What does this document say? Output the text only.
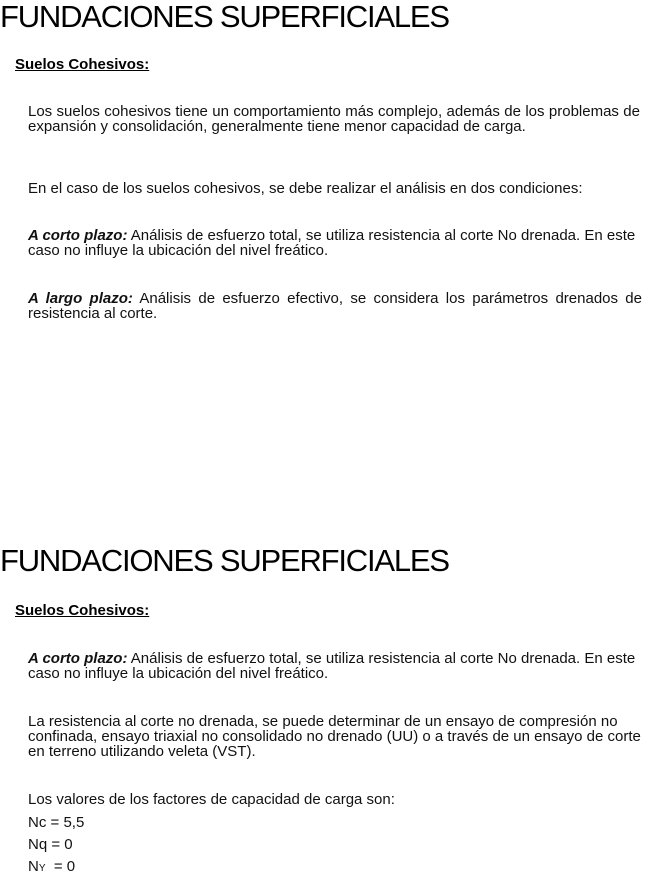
FUNDACIONES SUPERFICIALES
Suelos Cohesivos:
Los suelos cohesivos tiene un comportamiento más complejo, además de los problemas de expansión y consolidación, generalmente tiene menor capacidad de carga.
En el caso de los suelos cohesivos, se debe realizar el análisis en dos condiciones:
A corto plazo: Análisis de esfuerzo total, se utiliza resistencia al corte No drenada. En este caso no influye la ubicación del nivel freático.
A largo plazo: Análisis de esfuerzo efectivo, se considera los parámetros drenados de resistencia al corte.
FUNDACIONES SUPERFICIALES
Suelos Cohesivos:
A corto plazo: Análisis de esfuerzo total, se utiliza resistencia al corte No drenada. En este caso no influye la ubicación del nivel freático.
La resistencia al corte no drenada, se puede determinar de un ensayo de compresión no confinada, ensayo triaxial no consolidado no drenado (UU) o a través de un ensayo de corte en terreno utilizando veleta (VST).
Los valores de los factores de capacidad de carga son:
Nc = 5,5
Nq = 0
NY  = 0
